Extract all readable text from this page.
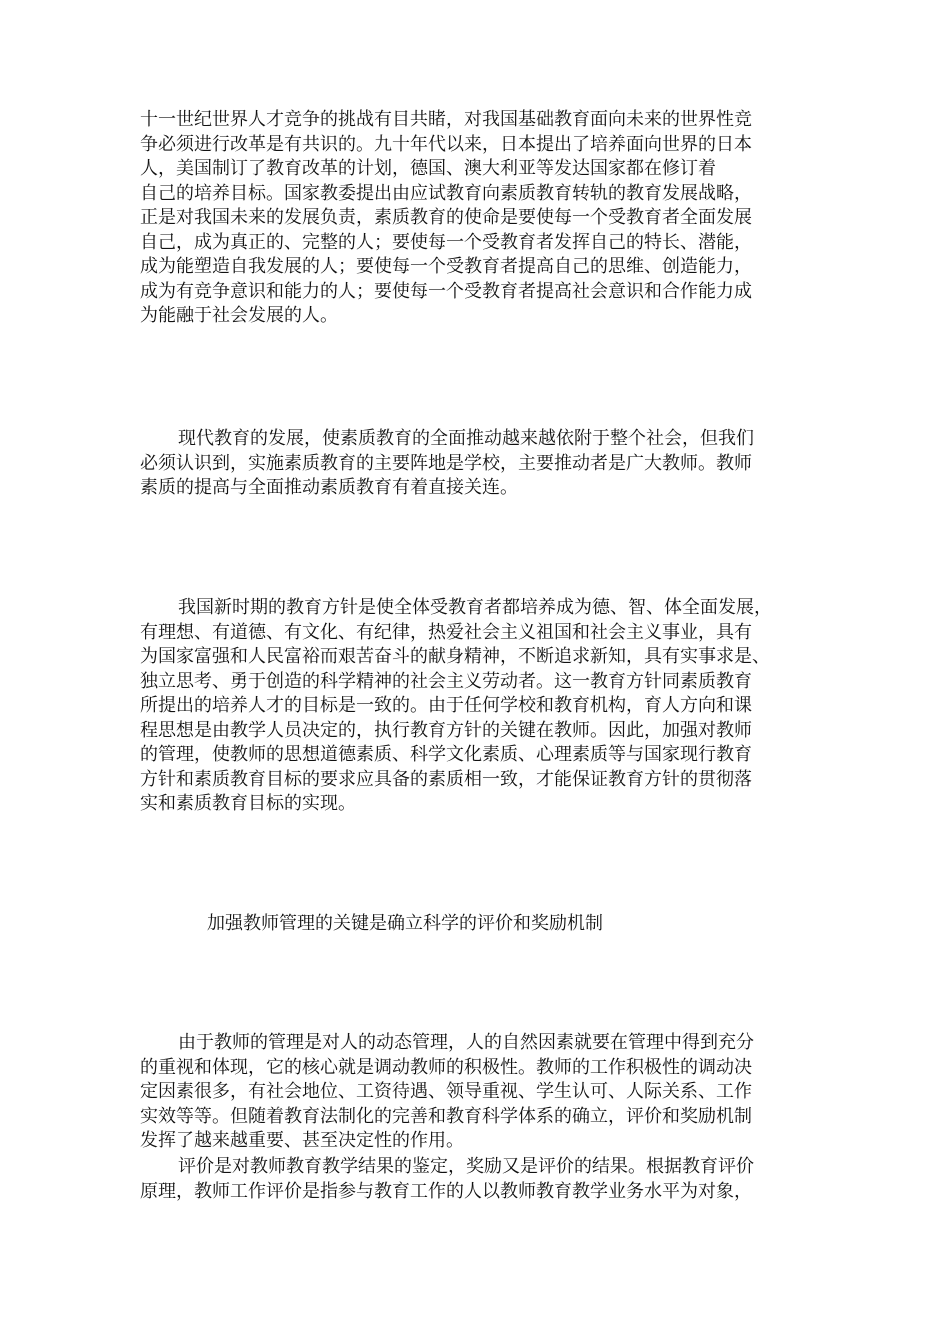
十一世纪世界人才竞争的挑战有目共睹，对我国基础教育面向未来的世界性竞
争必须进行改革是有共识的。九十年代以来，日本提出了培养面向世界的日本
人，美国制订了教育改革的计划，德国、澳大利亚等发达国家都在修订着
自己的培养目标。国家教委提出由应试教育向素质教育转轨的教育发展战略，
正是对我国未来的发展负责，素质教育的使命是要使每一个受教育者全面发展
自己，成为真正的、完整的人；要使每一个受教育者发挥自己的特长、潜能，
成为能塑造自我发展的人；要使每一个受教育者提高自己的思维、创造能力，
成为有竞争意识和能力的人；要使每一个受教育者提高社会意识和合作能力成
为能融于社会发展的人。
现代教育的发展，使素质教育的全面推动越来越依附于整个社会，但我们
必须认识到，实施素质教育的主要阵地是学校，主要推动者是广大教师。教师
素质的提高与全面推动素质教育有着直接关连。
我国新时期的教育方针是使全体受教育者都培养成为德、智、体全面发展，
有理想、有道德、有文化、有纪律，热爱社会主义祖国和社会主义事业，具有
为国家富强和人民富裕而艰苦奋斗的献身精神，不断追求新知，具有实事求是、
独立思考、勇于创造的科学精神的社会主义劳动者。这一教育方针同素质教育
所提出的培养人才的目标是一致的。由于任何学校和教育机构，育人方向和课
程思想是由教学人员决定的，执行教育方针的关键在教师。因此，加强对教师
的管理，使教师的思想道德素质、科学文化素质、心理素质等与国家现行教育
方针和素质教育目标的要求应具备的素质相一致，才能保证教育方针的贯彻落
实和素质教育目标的实现。

加强教师管理的关键是确立科学的评价和奖励机制

由于教师的管理是对人的动态管理，人的自然因素就要在管理中得到充分
的重视和体现，它的核心就是调动教师的积极性。教师的工作积极性的调动决
定因素很多，有社会地位、工资待遇、领导重视、学生认可、人际关系、工作
实效等等。但随着教育法制化的完善和教育科学体系的确立，评价和奖励机制
发挥了越来越重要、甚至决定性的作用。
评价是对教师教育教学结果的鉴定，奖励又是评价的结果。根据教育评价
原理，教师工作评价是指参与教育工作的人以教师教育教学业务水平为对象，
